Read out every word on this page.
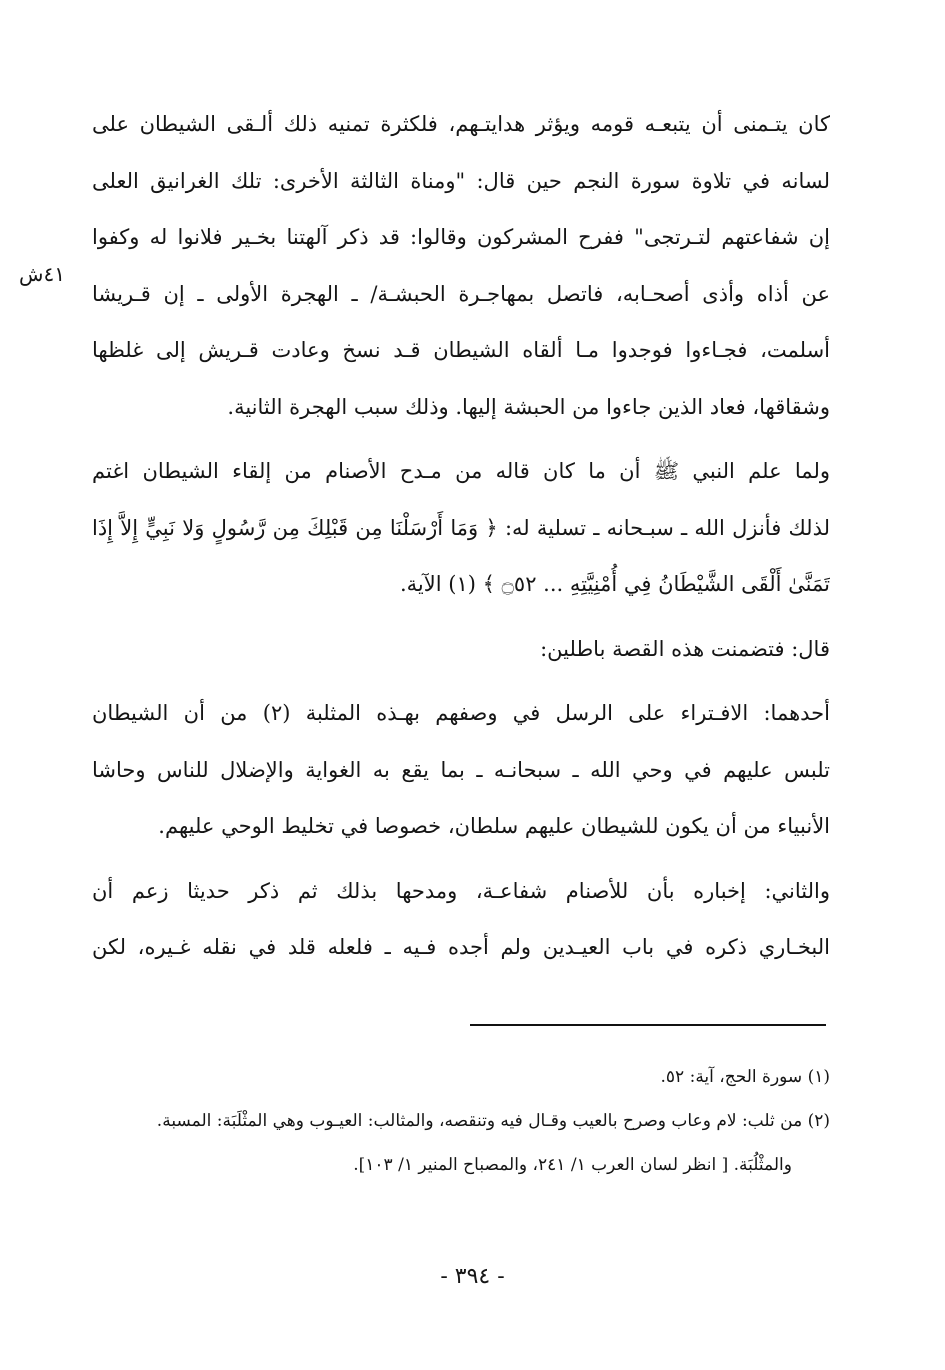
٤١ش
كان يتـمنى أن يتبعـه قومه ويؤثر هدايتـهم، فلكثرة تمنيه ذلك ألـقى الشيطان على
لسانه في تلاوة سورة النجم حين قال: "ومناة الثالثة الأخرى: تلك الغرانيق العلى
إن شفاعتهم لتـرتجى" ففرح المشركون وقالوا: قد ذكر آلهتنا بخـير فلانوا له وكفوا
عن أذاه وأذى أصحـابه، فاتصل بمهاجـرة الحبشـة/ ـ الهجرة الأولى ـ إن قـريشا
أسلمت، فجـاءوا فوجدوا مـا ألقاه الشيطان قـد نسخ وعادت قـريش إلى غلظها
وشقاقها، فعاد الذين جاءوا من الحبشة إليها. وذلك سبب الهجرة الثانية.
ولما علم النبي ﷺ أن ما كان قاله من مـدح الأصنام من إلقاء الشيطان اغتم
لذلك فأنزل الله ـ سبـحانه ـ تسلية له: ﴿ وَمَا أَرْسَلْنَا مِن قَبْلِكَ مِن رَّسُولٍ وَلا نَبِيٍّ إِلاَّ إِذَا
تَمَنَّىٰ أَلْقَى الشَّيْطَانُ فِي أُمْنِيَّتِهِ ... ۝٥٢ ﴾ (١) الآية.
قال: فتضمنت هذه القصة باطلين:
أحدهما: الافـتراء على الرسل في وصفهم بهـذه المثلبة (٢) من أن الشيطان
تلبس عليهم في وحي الله ـ سبحانـه ـ بما يقع به الغواية والإضلال للناس وحاشا
الأنبياء من أن يكون للشيطان عليهم سلطان، خصوصا في تخليط الوحي عليهم.
والثاني: إخباره بأن للأصنام شفاعـة، ومدحها بذلك ثم ذكر حديثا زعم أن
البخـاري ذكره في باب العيـدين ولم أجده فـيه ـ فلعله قلد في نقله غـيره، لكن
(١) سورة الحج، آية: ٥٢.
(٢) من ثلب: لام وعاب وصرح بالعيب وقـال فيه وتنقصه، والمثالب: العيـوب وهي المثْلَبَة: المسبة.
والمثْلُبَة. [ انظر لسان العرب ١/ ٢٤١، والمصباح المنير ١/ ١٠٣].
- ٣٩٤ -
